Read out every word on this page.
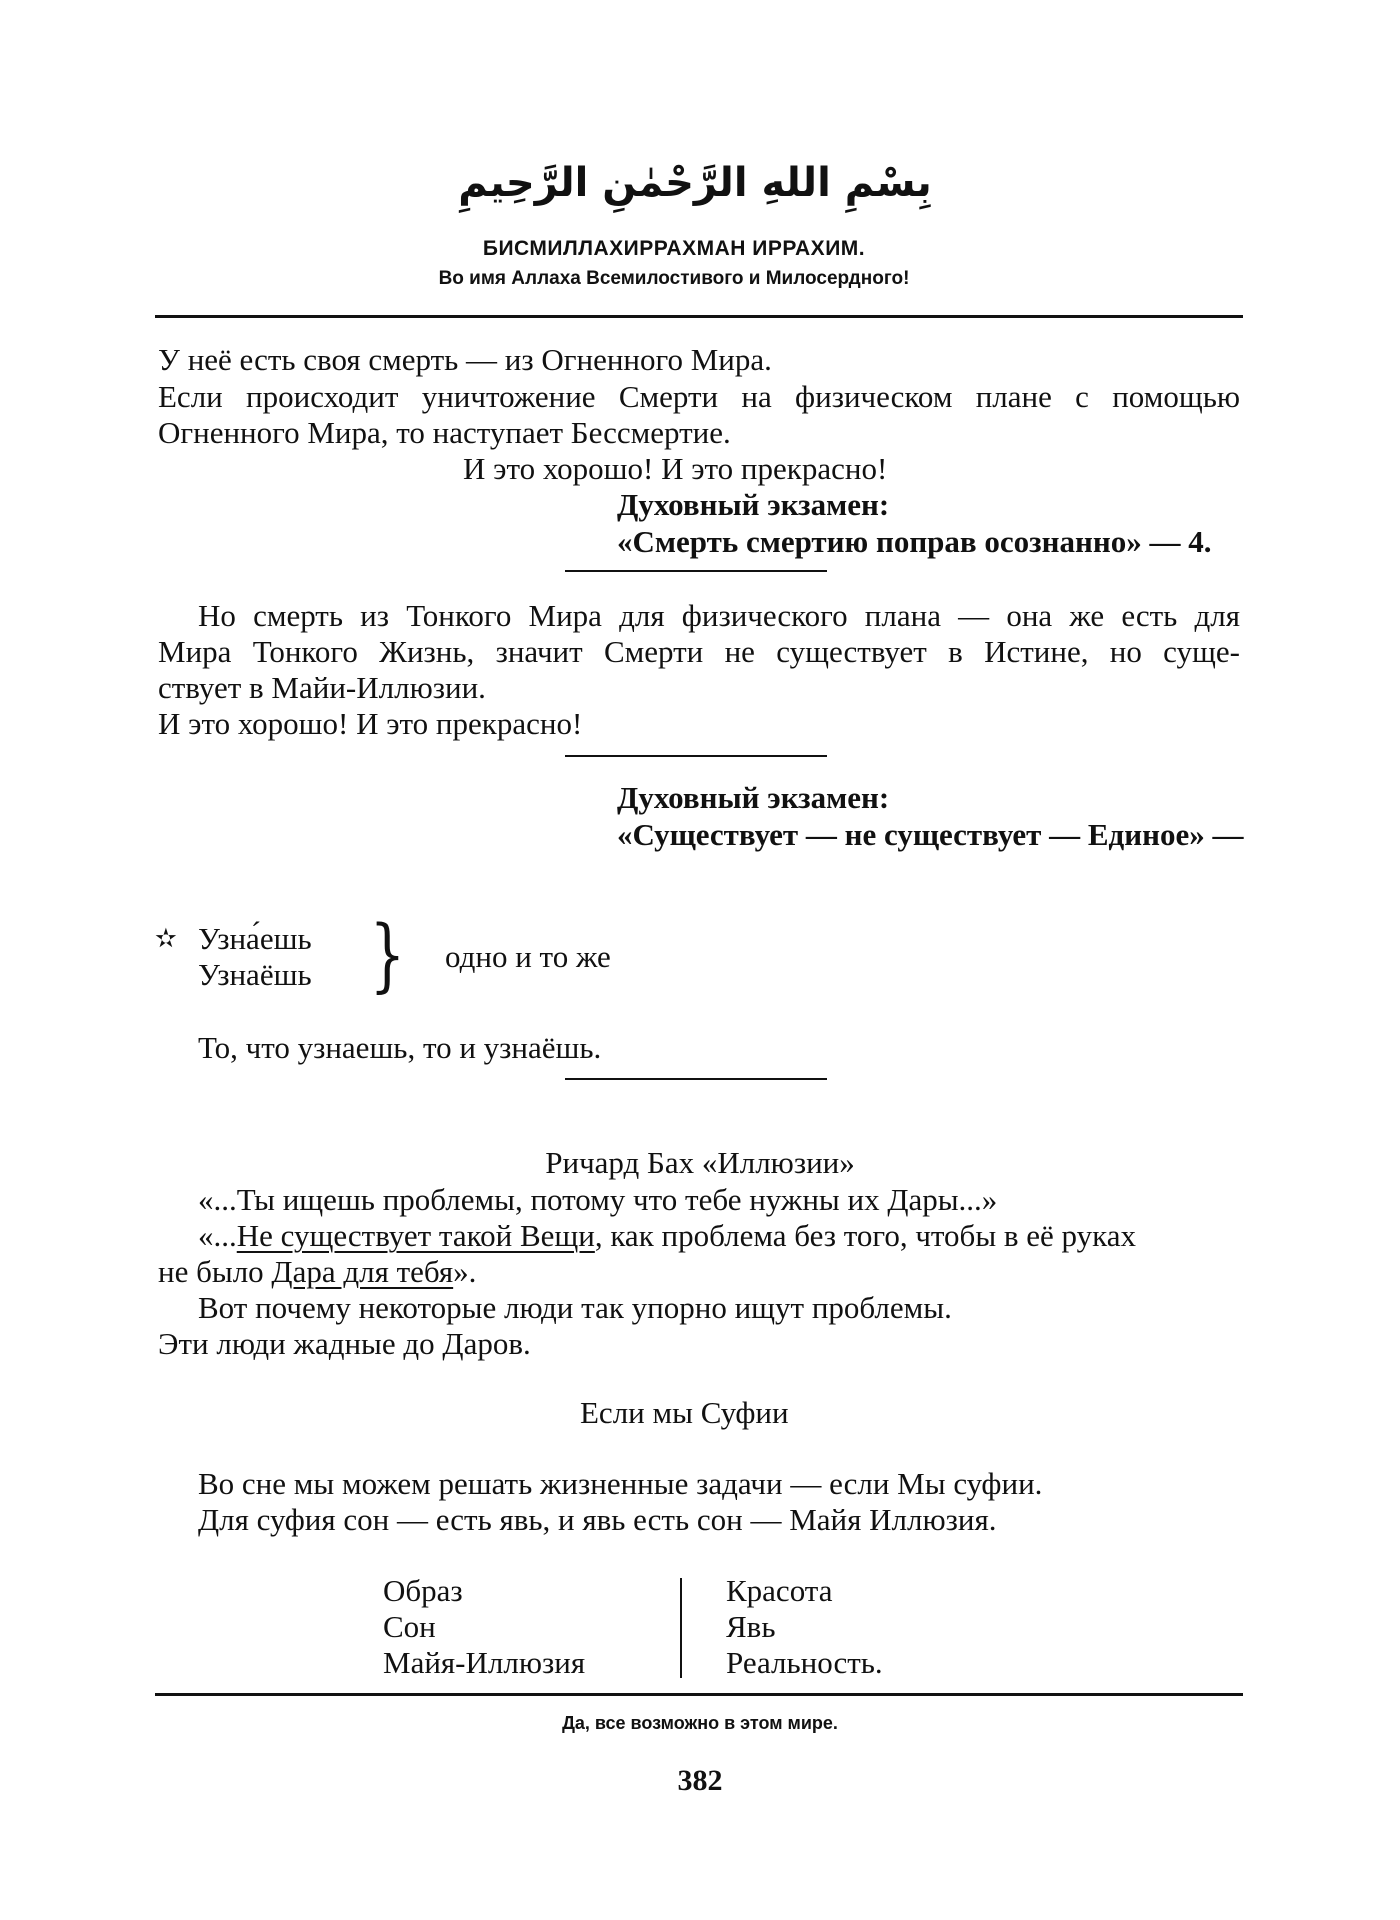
بِسْمِ اللهِ الرَّحْمٰنِ الرَّحِيمِ
БИСМИЛЛАХИРРАХМАН ИРРАХИМ.
Во имя Аллаха Всемилостивого и Милосердного!
У неё есть своя смерть — из Огненного Мира.
Если происходит уничтожение Смерти на физическом плане с помощью
Огненного Мира, то наступает Бессмертие.
И это хорошо! И это прекрасно!
Духовный экзамен:
«Смерть смертию поправ осознанно» — 4.
Но смерть из Тонкого Мира для физического плана — она же есть для
Мира Тонкого Жизнь, значит Смерти не существует в Истине, но суще-
ствует в Майи-Иллюзии.
И это хорошо! И это прекрасно!
Духовный экзамен:
«Существует — не существует — Единое» —
✫ Узна́ешь
Узнаёшь } одно и то же
То, что узнаешь, то и узнаёшь.
Ричард Бах «Иллюзии»
«...Ты ищешь проблемы, потому что тебе нужны их Дары...»
«...Не существует такой Вещи, как проблема без того, чтобы в её руках
не было Дара для тебя».
Вот почему некоторые люди так упорно ищут проблемы.
Эти люди жадные до Даров.
Если мы Суфии
Во сне мы можем решать жизненные задачи — если Мы суфии.
Для суфия сон — есть явь, и явь есть сон — Майя Иллюзия.
Образ
Сон
Майя-Иллюзия
Красота
Явь
Реальность.
Да, все возможно в этом мире.
382
